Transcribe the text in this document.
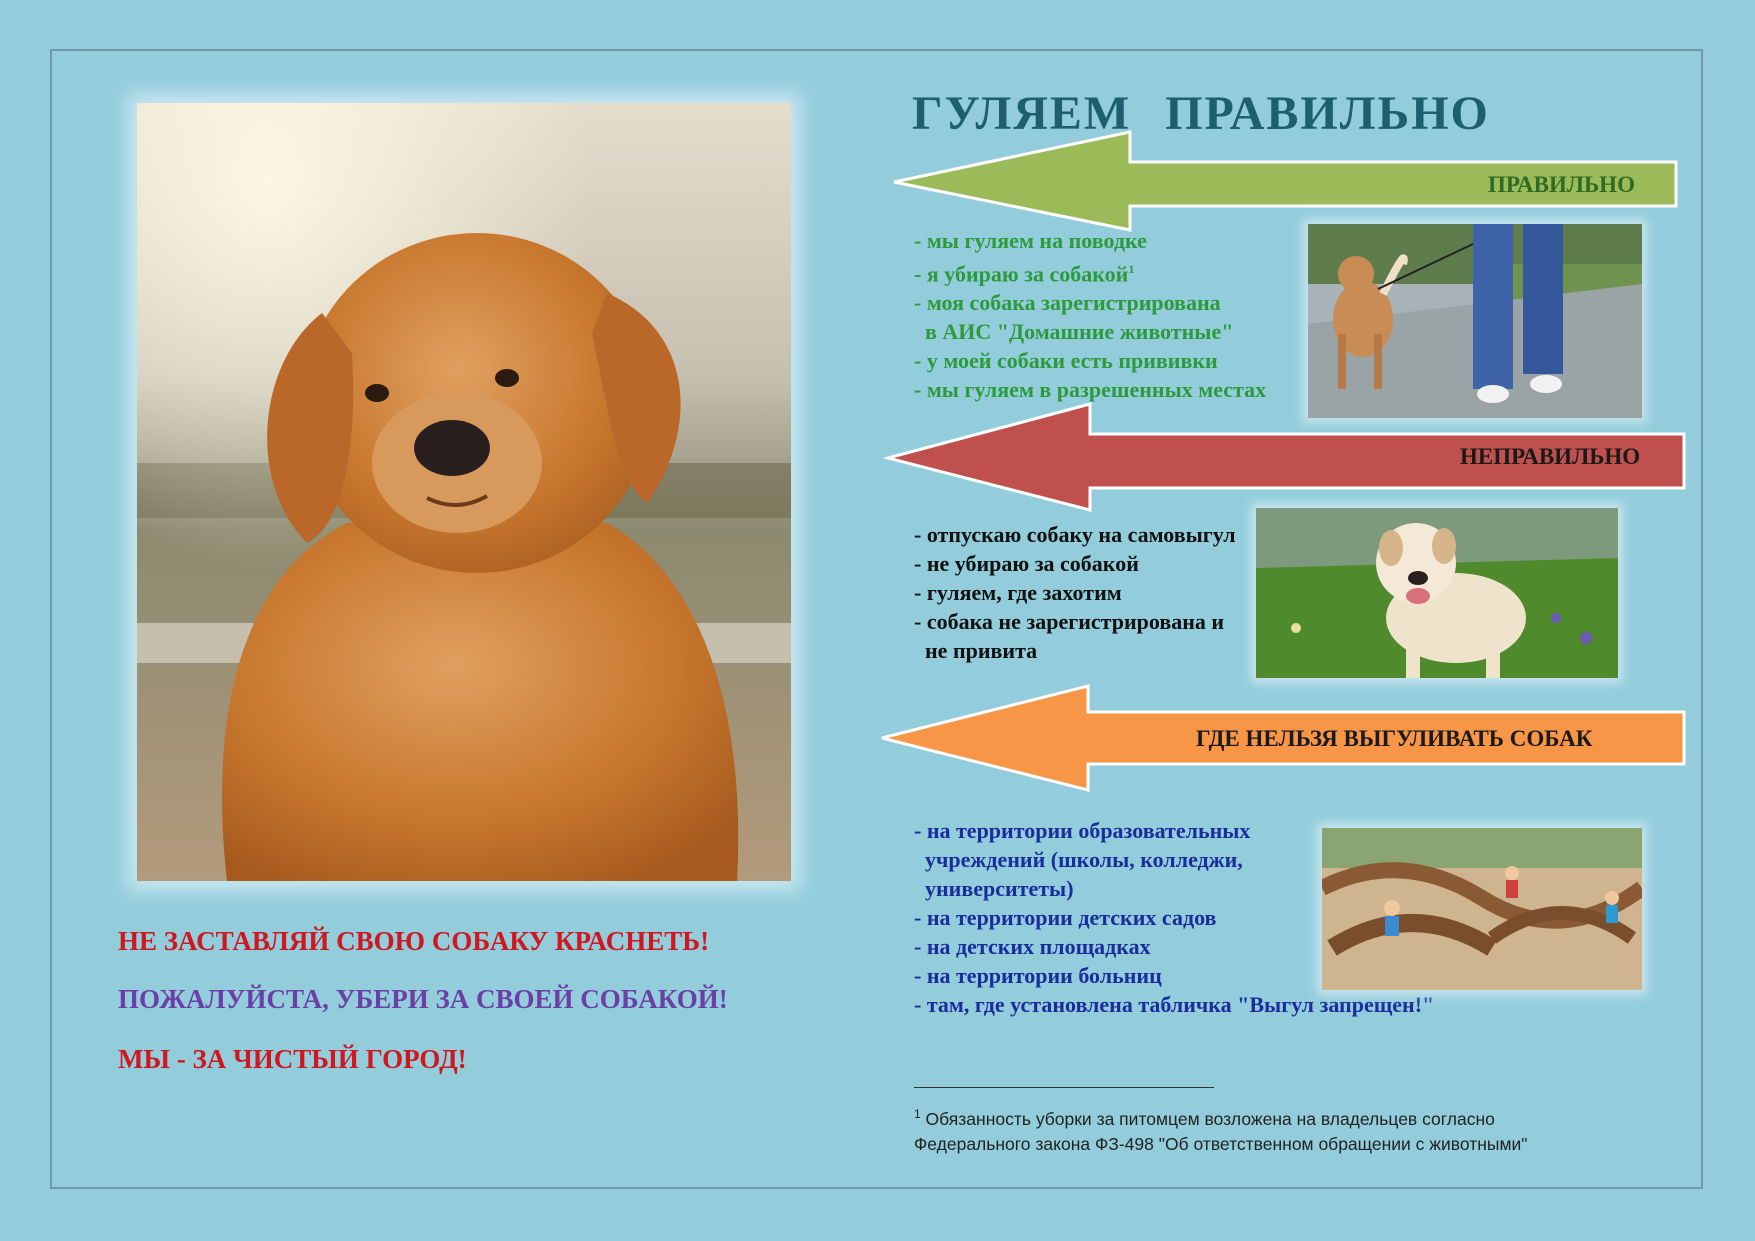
ГУЛЯЕМ ПРАВИЛЬНО
ПРАВИЛЬНО
- мы гуляем на поводке
- я убираю за собакой$^1$
- моя собака зарегистрирована
в АИС "Домашние животные"
- у моей собаки есть прививки
- мы гуляем в разрешенных местах
НЕПРАВИЛЬНО
- отпускаю собаку на самовыгул
- не убираю за собакой
- гуляем, где захотим
- собака не зарегистрирована и
не привита
ГДЕ НЕЛЬЗЯ ВЫГУЛИВАТЬ СОБАК
- на территории образовательных
учреждений (школы, колледжи,
университеты)
- на территории детских садов
- на детских площадках
- на территории больниц
- там, где установлена табличка "Выгул запрещен!"
НЕ ЗАСТАВЛЯЙ СВОЮ СОБАКУ КРАСНЕТЬ!
ПОЖАЛУЙСТА, УБЕРИ ЗА СВОЕЙ СОБАКОЙ!
МЫ - ЗА ЧИСТЫЙ ГОРОД!
$^1$ Обязанность уборки за питомцем возложена на владельцев согласно
Федерального закона ФЗ-498 "Об ответственном обращении с животными"
